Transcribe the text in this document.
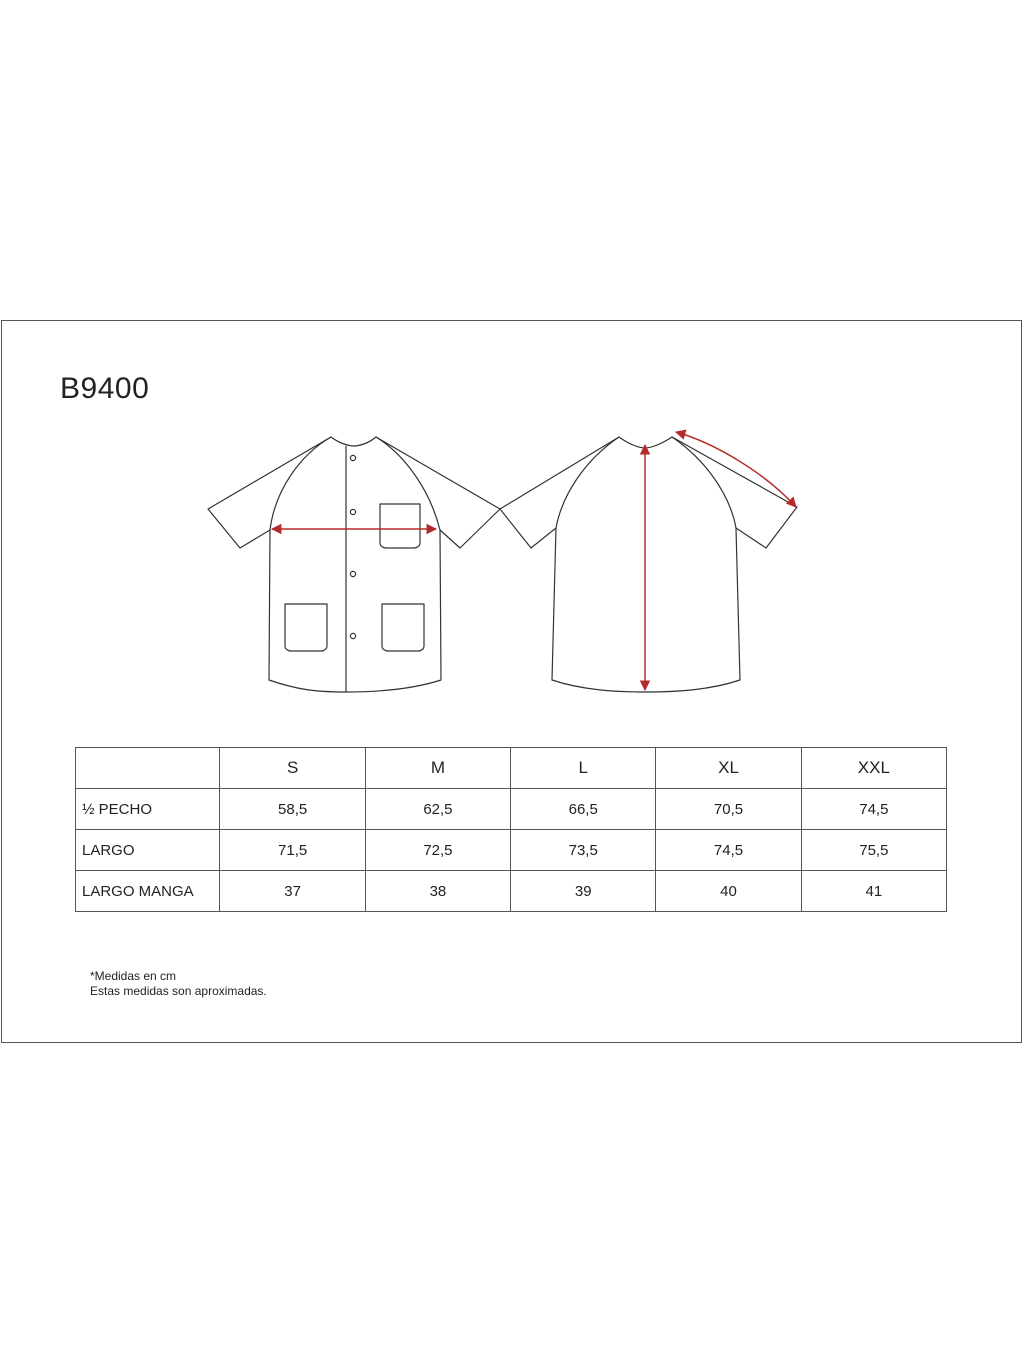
B9400
	S	M	L	XL	XXL
½ PECHO	58,5	62,5	66,5	70,5	74,5
LARGO	71,5	72,5	73,5	74,5	75,5
LARGO MANGA	37	38	39	40	41
*Medidas en cm
Estas medidas son aproximadas.
